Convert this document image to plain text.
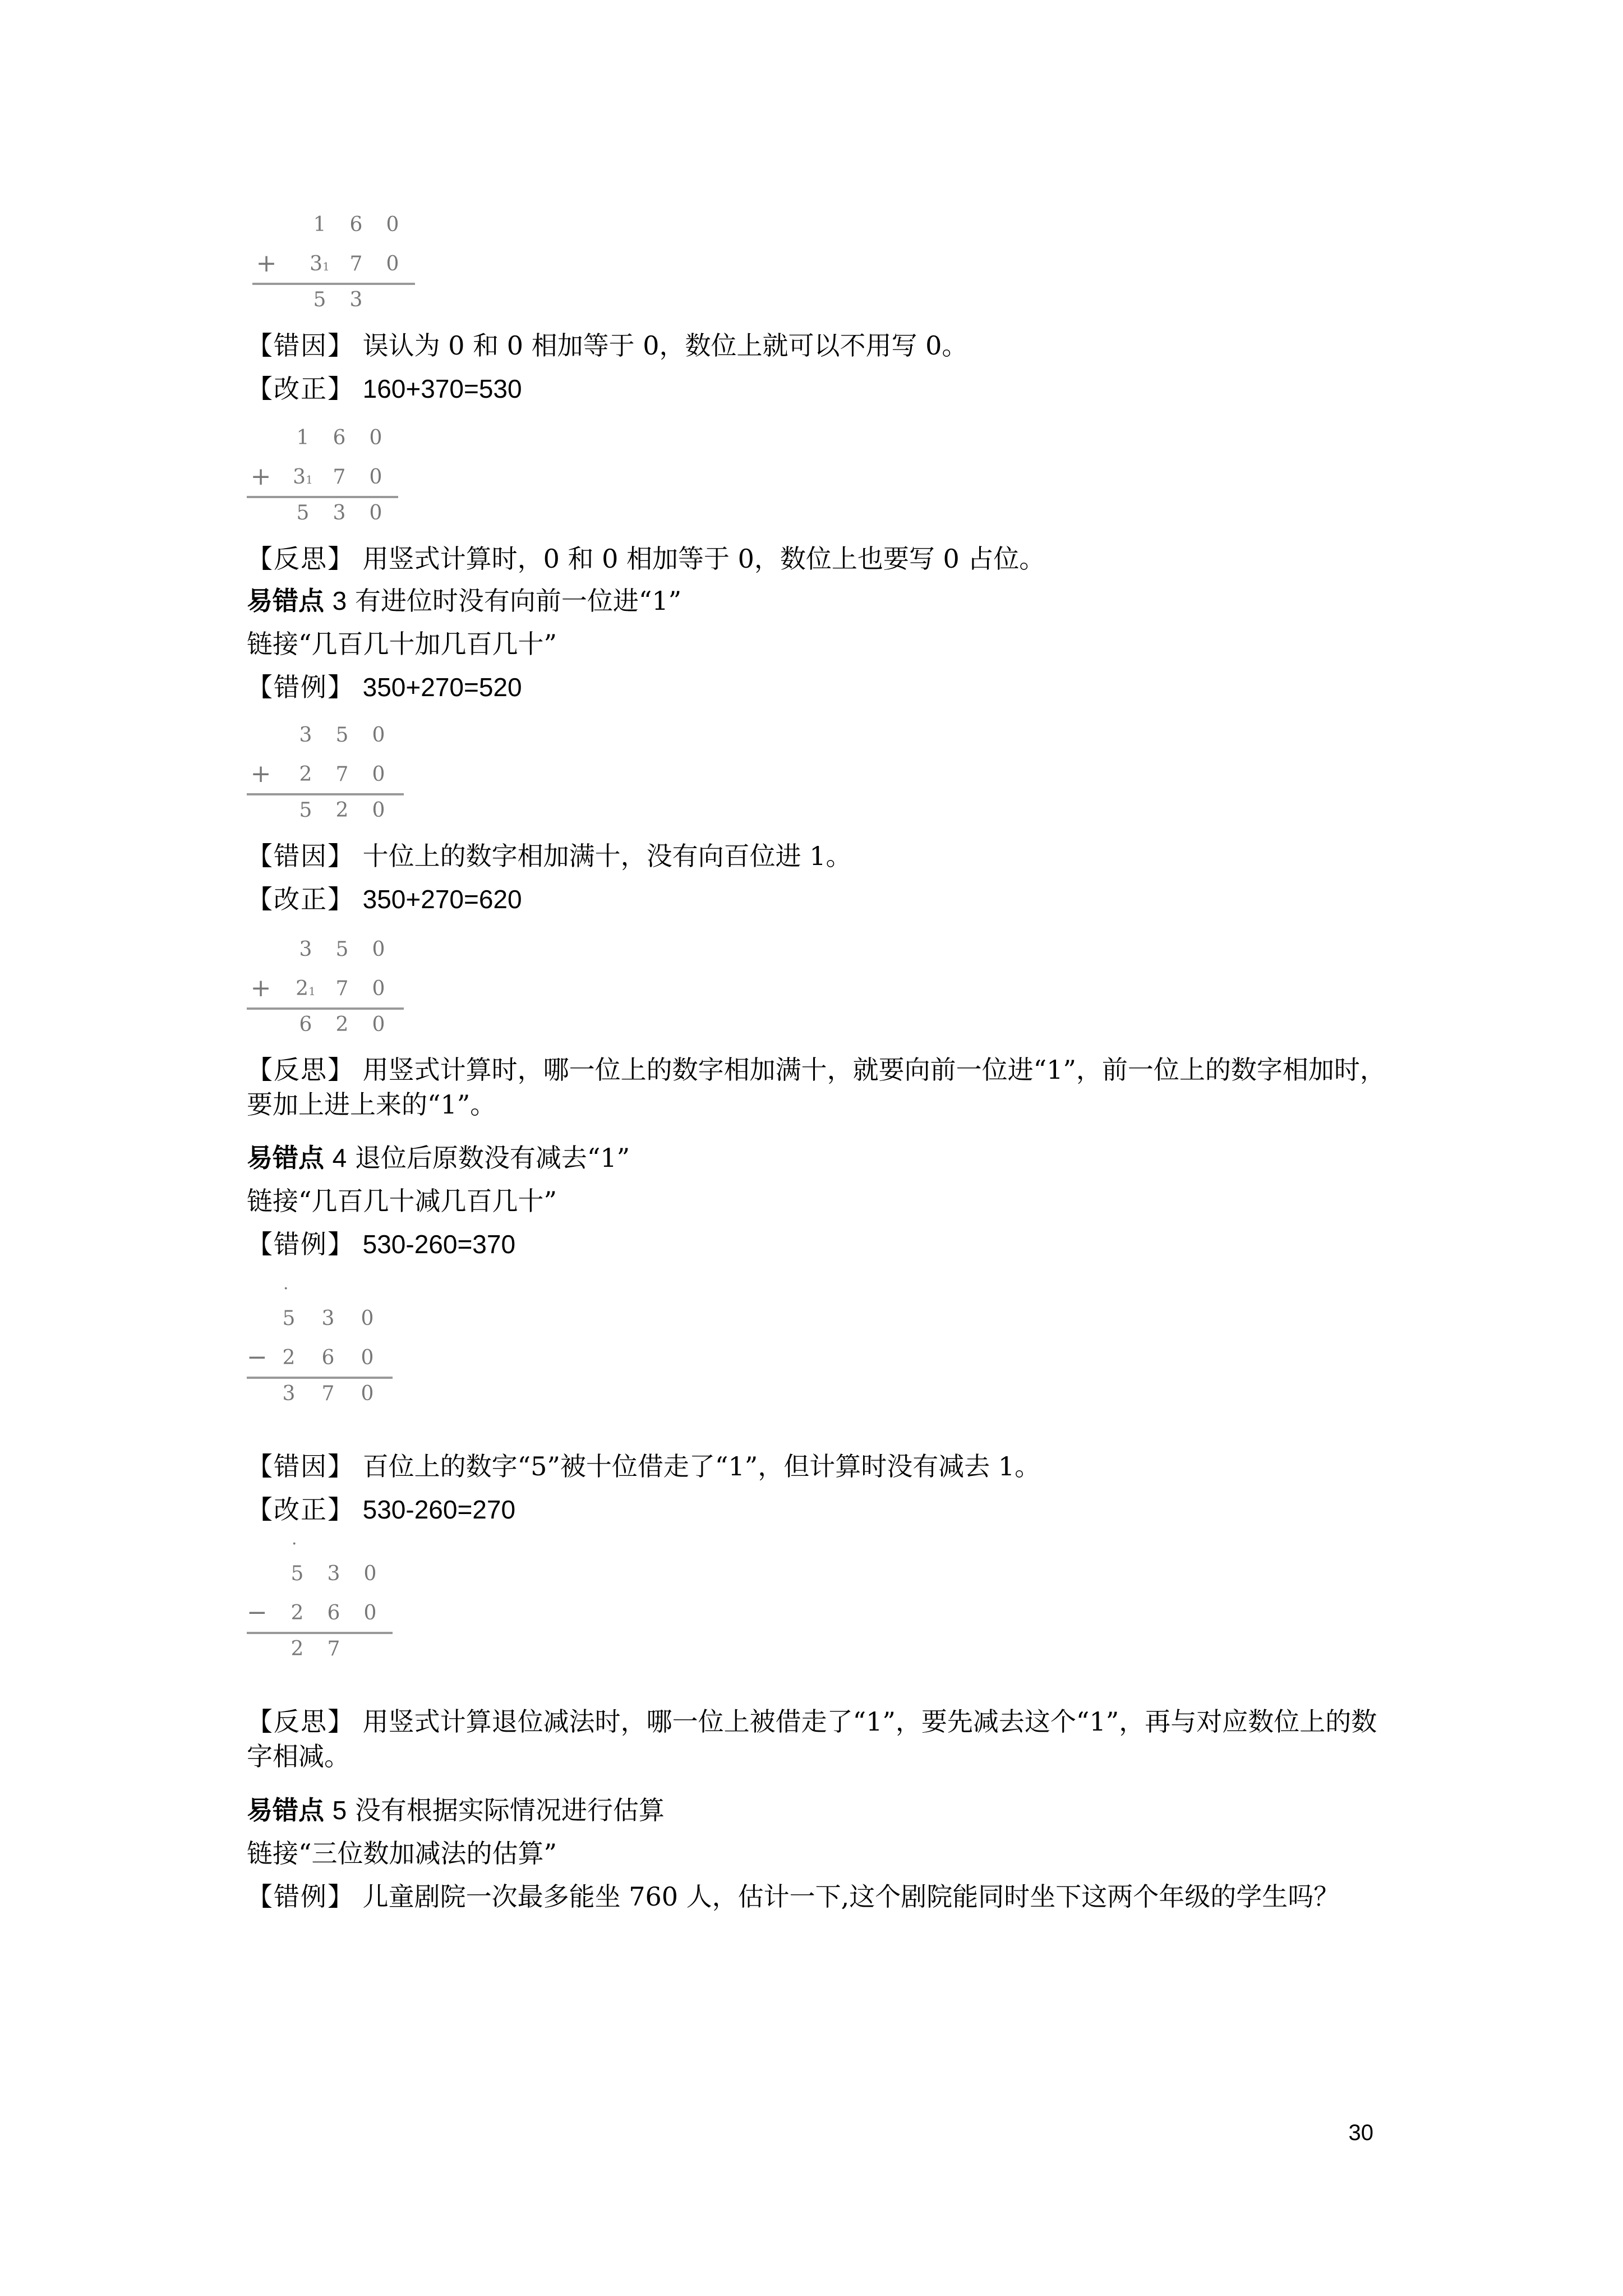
1 6 0
+ 31 7 0
5 3
【错因】 误认为 0 和 0 相加等于 0，数位上就可以不用写 0。
【改正】 160+370=530
1 6 0
+ 31 7 0
5 3 0
【反思】 用竖式计算时，0 和 0 相加等于 0，数位上也要写 0 占位。
易错点 3 有进位时没有向前一位进“1”
链接“几百几十加几百几十”
【错例】 350+270=520
3 5 0
+ 2 7 0
5 2 0
【错因】 十位上的数字相加满十，没有向百位进 1。
【改正】 350+270=620
3 5 0
+ 21 7 0
6 2 0
【反思】 用竖式计算时，哪一位上的数字相加满十，就要向前一位进“1”，前一位上的数字相加时，要加上进上来的“1”。
易错点 4 退位后原数没有减去“1”
链接“几百几十减几百几十”
【错例】 530-260=370
·
5 3 0
− 2 6 0
3 7 0
【错因】 百位上的数字“5”被十位借走了“1”，但计算时没有减去 1。
【改正】 530-260=270
·
5 3 0
− 2 6 0
2 7
【反思】 用竖式计算退位减法时，哪一位上被借走了“1”，要先减去这个“1”，再与对应数位上的数字相减。
易错点 5 没有根据实际情况进行估算
链接“三位数加减法的估算”
【错例】 儿童剧院一次最多能坐 760 人，估计一下,这个剧院能同时坐下这两个年级的学生吗？
30
